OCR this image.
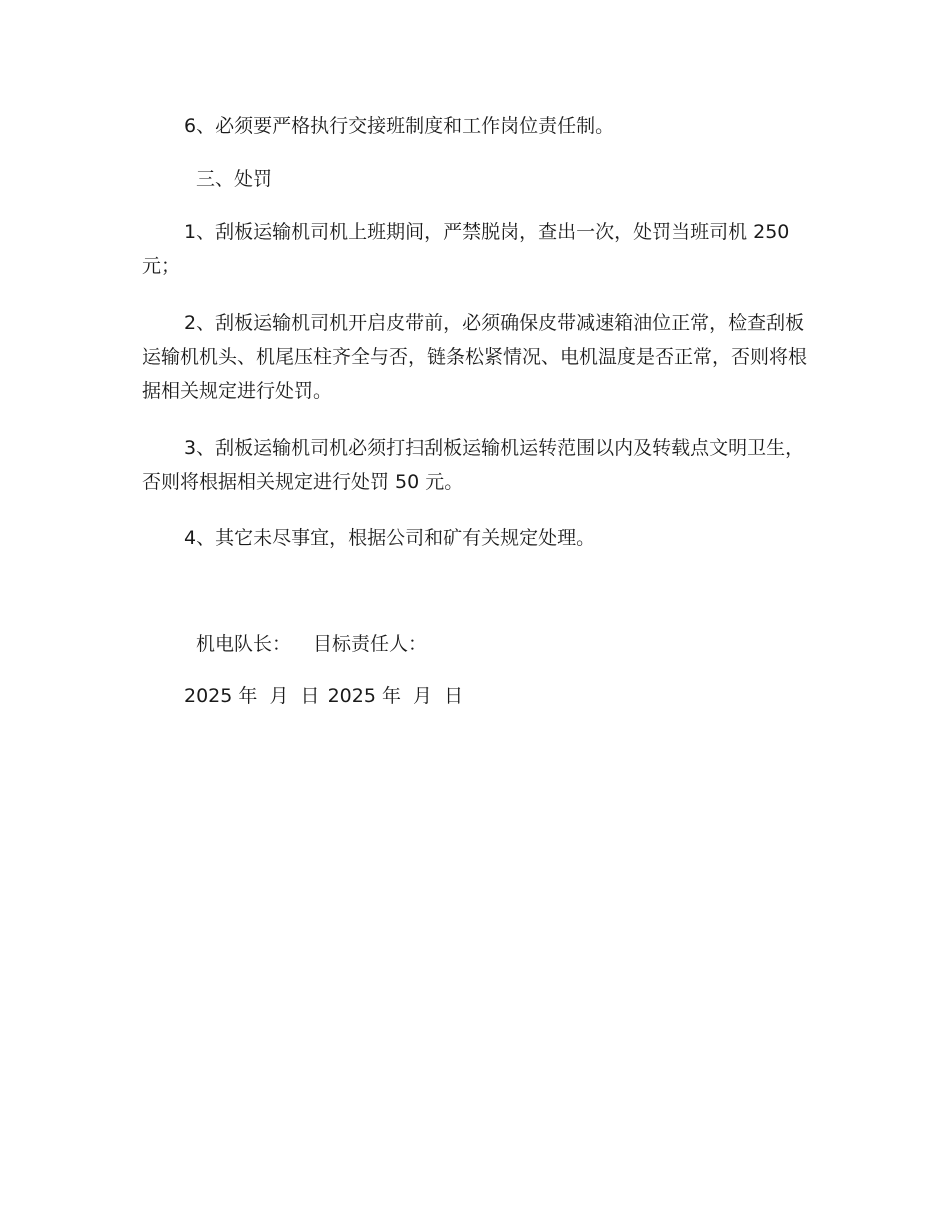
6、必须要严格执行交接班制度和工作岗位责任制。

三、处罚

1、刮板运输机司机上班期间，严禁脱岗，查出一次，处罚当班司机 250 元；

2、刮板运输机司机开启皮带前，必须确保皮带减速箱油位正常，检查刮板运输机机头、机尾压柱齐全与否，链条松紧情况、电机温度是否正常，否则将根据相关规定进行处罚。

3、刮板运输机司机必须打扫刮板运输机运转范围以内及转载点文明卫生，否则将根据相关规定进行处罚 50 元。

4、其它未尽事宜，根据公司和矿有关规定处理。

机电队长： 目标责任人：

2025 年  月  日 2025 年  月  日
